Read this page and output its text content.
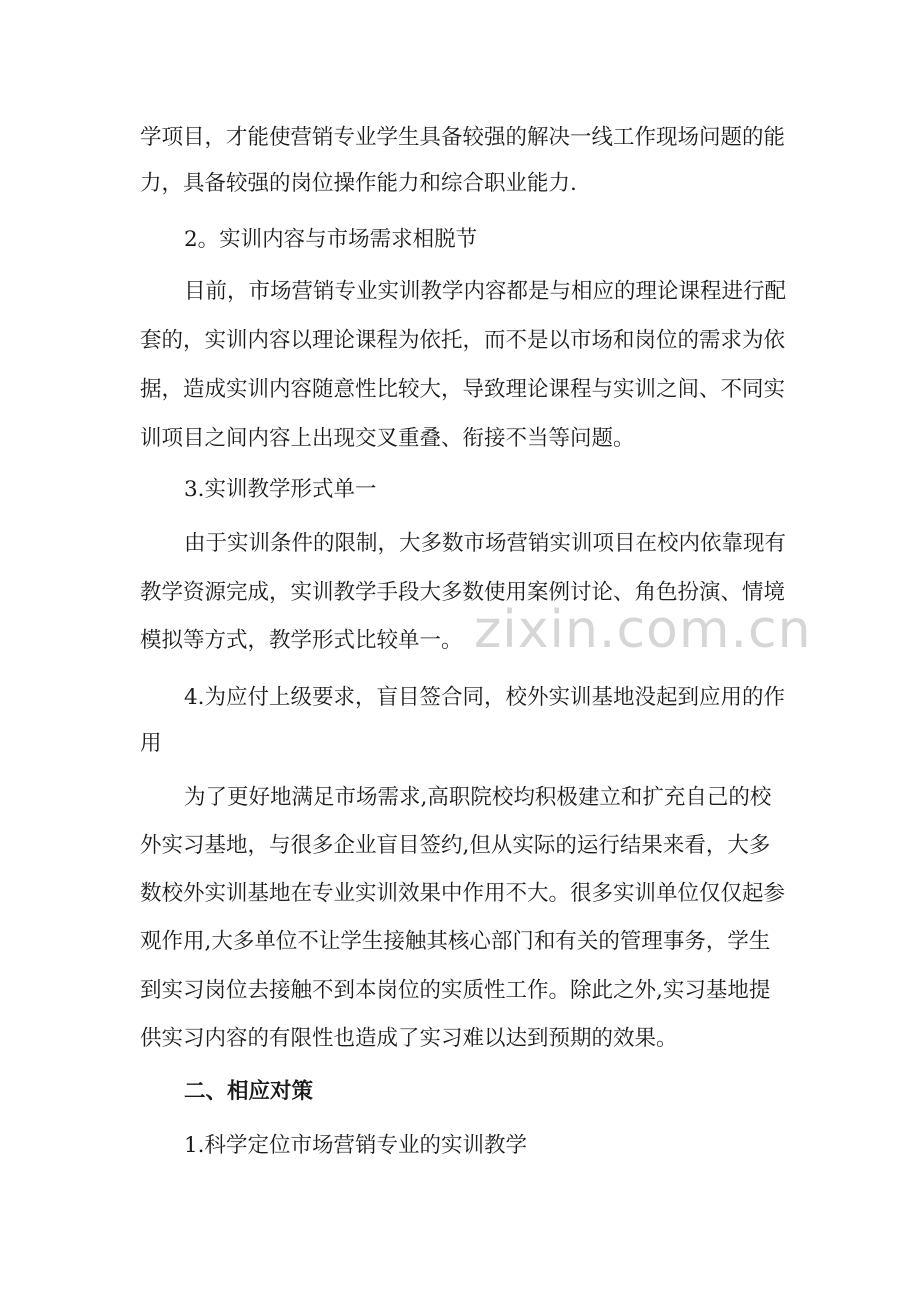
学项目，才能使营销专业学生具备较强的解决一线工作现场问题的能
力，具备较强的岗位操作能力和综合职业能力.
2。实训内容与市场需求相脱节
目前，市场营销专业实训教学内容都是与相应的理论课程进行配
套的，实训内容以理论课程为依托，而不是以市场和岗位的需求为依
据，造成实训内容随意性比较大，导致理论课程与实训之间、不同实
训项目之间内容上出现交叉重叠、衔接不当等问题。
3.实训教学形式单一
由于实训条件的限制，大多数市场营销实训项目在校内依靠现有
教学资源完成，实训教学手段大多数使用案例讨论、角色扮演、情境
模拟等方式，教学形式比较单一。
4.为应付上级要求，盲目签合同，校外实训基地没起到应用的作
用
为了更好地满足市场需求,高职院校均积极建立和扩充自己的校
外实习基地，与很多企业盲目签约,但从实际的运行结果来看，大多
数校外实训基地在专业实训效果中作用不大。很多实训单位仅仅起参
观作用,大多单位不让学生接触其核心部门和有关的管理事务，学生
到实习岗位去接触不到本岗位的实质性工作。除此之外,实习基地提
供实习内容的有限性也造成了实习难以达到预期的效果。
二、相应对策
1.科学定位市场营销专业的实训教学
zixin.com.cn
